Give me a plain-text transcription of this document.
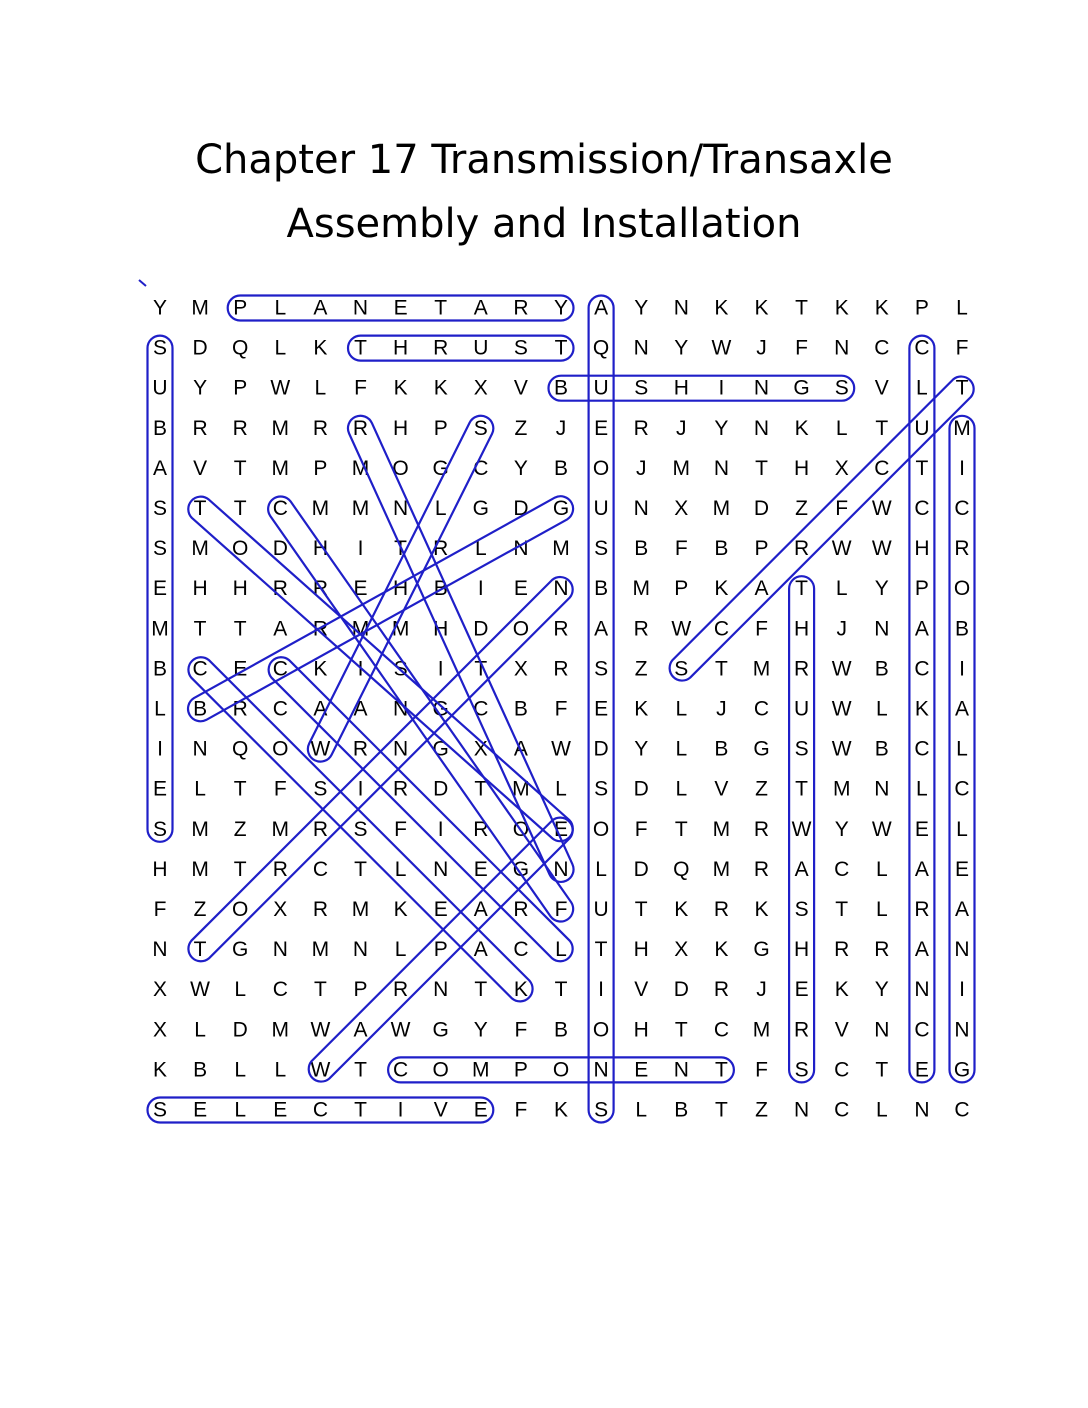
Chapter 17 Transmission/Transaxle
Assembly and Installation
Y M P L A N E T A R Y A Y N K K T K K P L
S D Q L K T H R U S T Q N Y W J F N C C F
U Y P W L F K K X V B U S H I N G S V L T
B R R M R R H P S Z J E R J Y N K L T U M
A V T M P M O G C Y B O J M N T H X C T I
S T T C M M N L G D G U N X M D Z F W C C
S M O D H I T R L N M S B F B P R W W H R
E H H R R E H B I E N B M P K A T L Y P O
M T T A R M M H D O R A R W C F H J N A B
B C E C K I S I T X R S Z S T M R W B C I
L B R C A A N G C B F E K L J C U W L K A
I N Q O W R N G X A W D Y L B G S W B C L
E L T F S I R D T M L S D L V Z T M N L C
S M Z M R S F I R O E O F T M R W Y W E L
H M T R C T L N E G N L D Q M R A C L A E
F Z O X R M K E A R F U T K R K S T L R A
N T G N M N L P A C L T H X K G H R R A N
X W L C T P R N T K T I V D R J E K Y N I
X L D M W A W G Y F B O H T C M R V N C N
K B L L W T C O M P O N E N T F S C T E G
S E L E C T I V E F K S L B T Z N C L N C
